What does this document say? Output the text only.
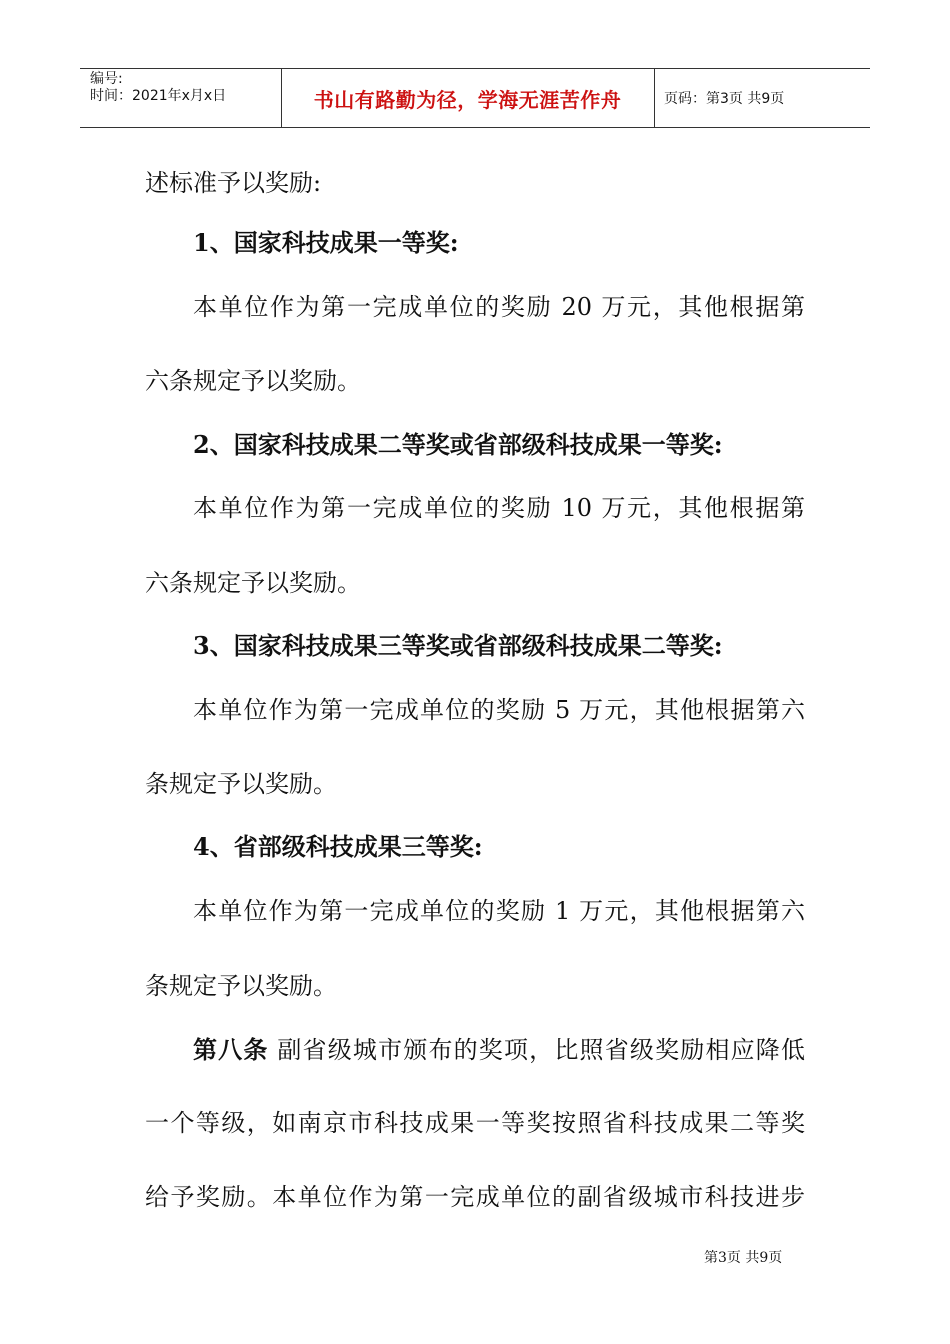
编号:
时间：2021年x月x日	书山有路勤为径，学海无涯苦作舟	页码：第3页 共9页
述标准予以奖励:
1、国家科技成果一等奖:
本单位作为第一完成单位的奖励 20 万元，其他根据第
六条规定予以奖励。
2、国家科技成果二等奖或省部级科技成果一等奖:
本单位作为第一完成单位的奖励 10 万元，其他根据第
六条规定予以奖励。
3、国家科技成果三等奖或省部级科技成果二等奖:
本单位作为第一完成单位的奖励 5 万元，其他根据第六
条规定予以奖励。
4、省部级科技成果三等奖:
本单位作为第一完成单位的奖励 1 万元，其他根据第六
条规定予以奖励。
第八条 副省级城市颁布的奖项，比照省级奖励相应降低
一个等级，如南京市科技成果一等奖按照省科技成果二等奖
给予奖励。本单位作为第一完成单位的副省级城市科技进步
第3页 共9页
